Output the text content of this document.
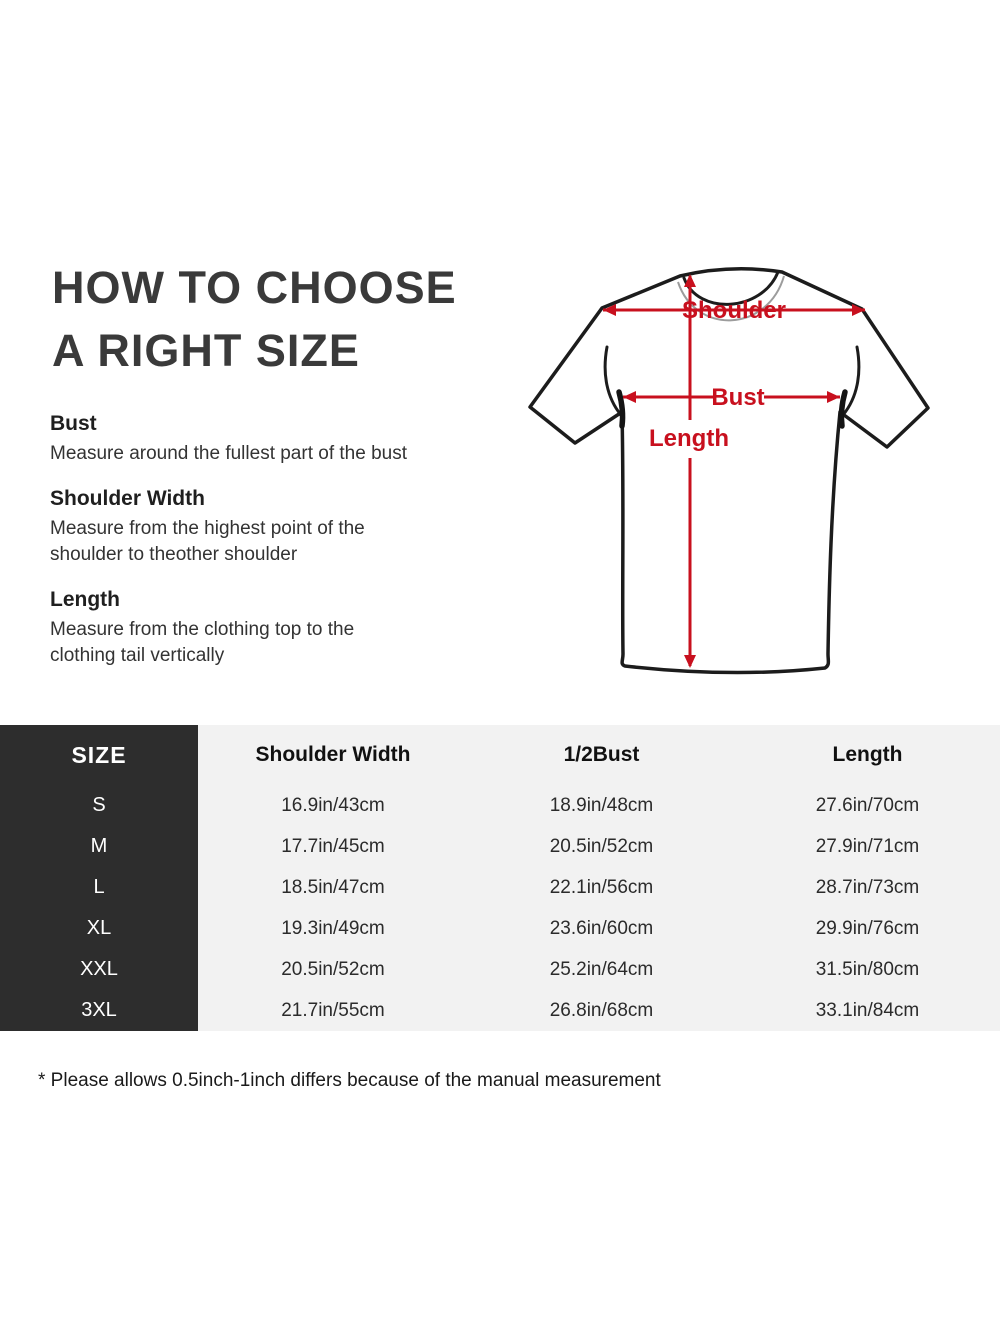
HOW TO CHOOSE
A RIGHT SIZE
Bust
Measure around the fullest part of the bust
Shoulder Width
Measure from the highest point of the
shoulder to theother shoulder
Length
Measure from the clothing top to the
clothing tail vertically
Shoulder
Bust
Length
SIZE	Shoulder Width	1/2Bust	Length
S	16.9in/43cm	18.9in/48cm	27.6in/70cm
M	17.7in/45cm	20.5in/52cm	27.9in/71cm
L	18.5in/47cm	22.1in/56cm	28.7in/73cm
XL	19.3in/49cm	23.6in/60cm	29.9in/76cm
XXL	20.5in/52cm	25.2in/64cm	31.5in/80cm
3XL	21.7in/55cm	26.8in/68cm	33.1in/84cm
* Please allows 0.5inch-1inch differs because of the manual measurement
